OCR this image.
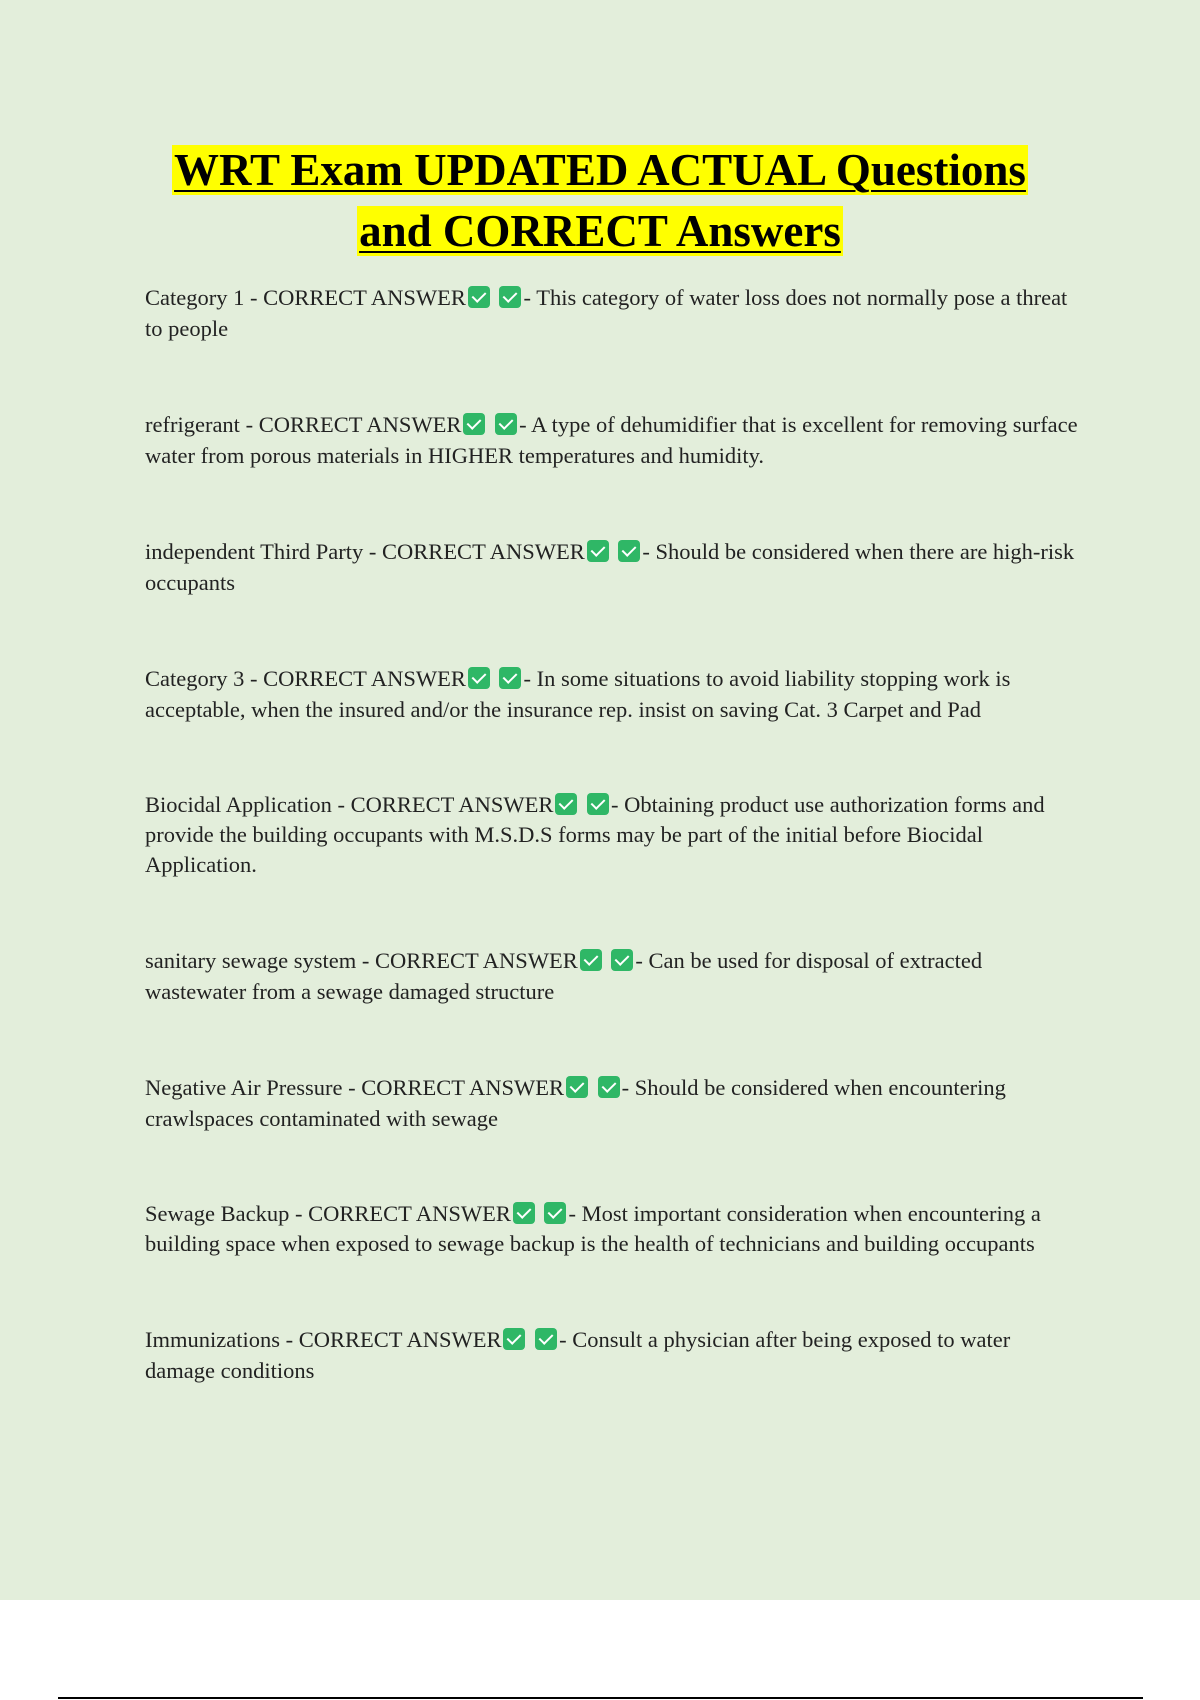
WRT Exam UPDATED ACTUAL Questions
and CORRECT Answers

Category 1 - CORRECT ANSWER	- This category of water loss does not normally pose a threat to people

refrigerant - CORRECT ANSWER	- A type of dehumidifier that is excellent for removing surface water from porous materials in HIGHER temperatures and humidity.

independent Third Party - CORRECT ANSWER	- Should be considered when there are high-risk occupants

Category 3 - CORRECT ANSWER	- In some situations to avoid liability stopping work is acceptable, when the insured and/or the insurance rep. insist on saving Cat. 3 Carpet and Pad

Biocidal Application - CORRECT ANSWER	- Obtaining product use authorization forms and provide the building occupants with M.S.D.S forms may be part of the initial before Biocidal Application.

sanitary sewage system - CORRECT ANSWER	- Can be used for disposal of extracted wastewater from a sewage damaged structure

Negative Air Pressure - CORRECT ANSWER	- Should be considered when encountering crawlspaces contaminated with sewage

Sewage Backup - CORRECT ANSWER	- Most important consideration when encountering a building space when exposed to sewage backup is the health of technicians and building occupants

Immunizations - CORRECT ANSWER	- Consult a physician after being exposed to water damage conditions
